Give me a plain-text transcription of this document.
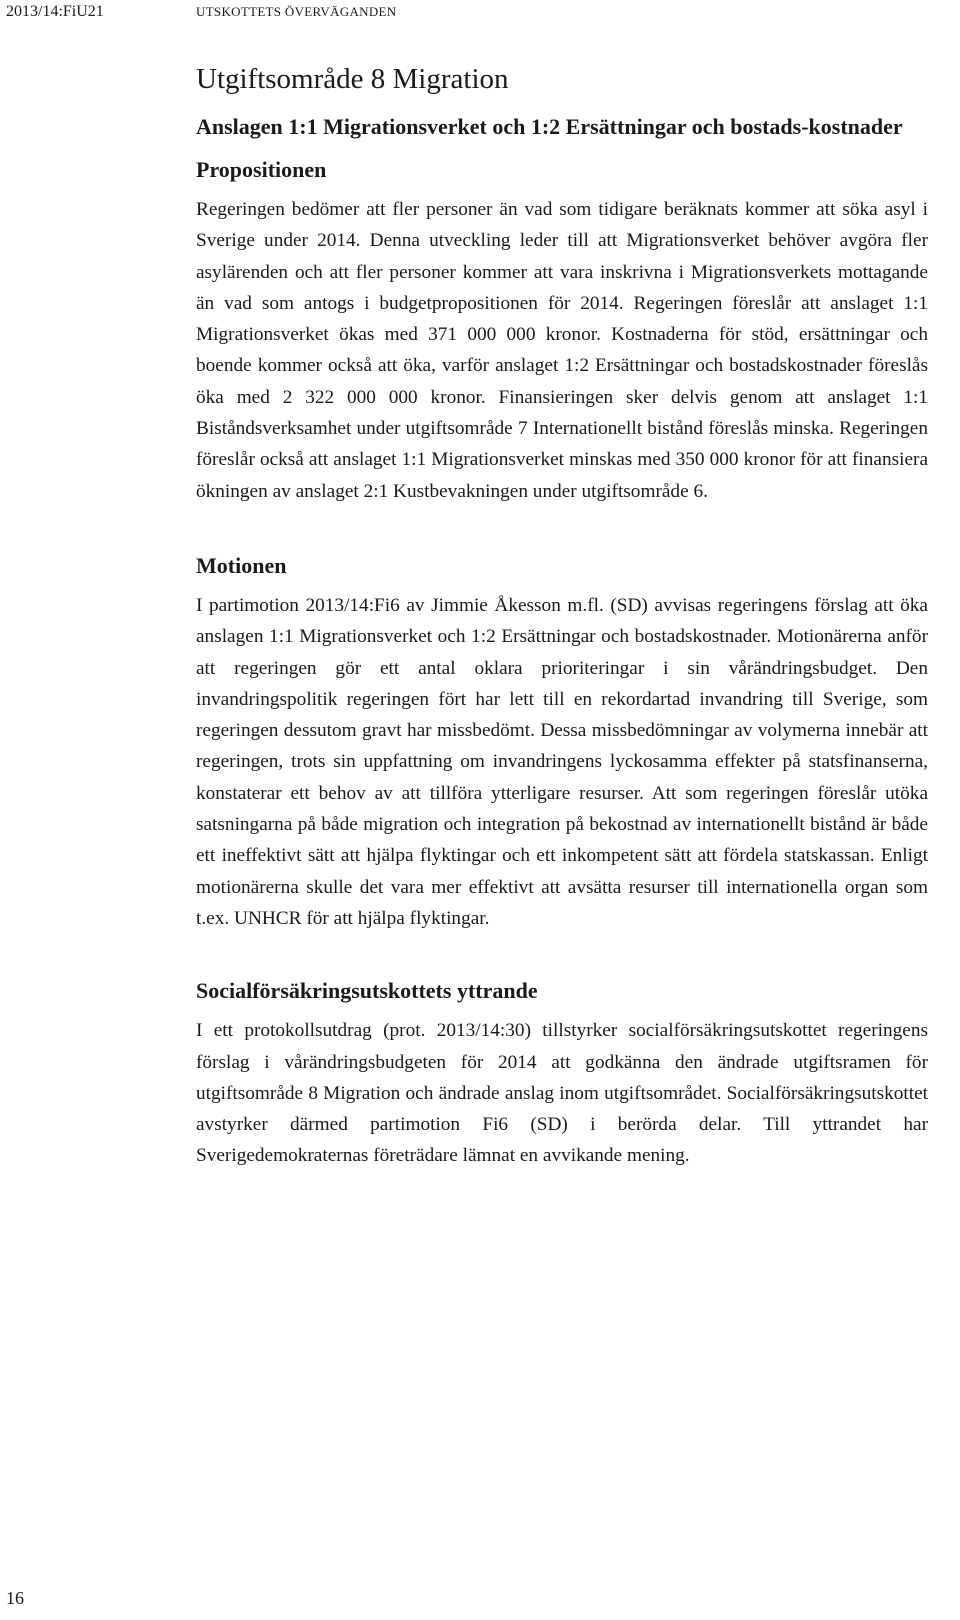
2013/14:FiU21	UTSKOTTETS ÖVERVÄGANDEN
Utgiftsområde 8 Migration
Anslagen 1:1 Migrationsverket och 1:2 Ersättningar och bostads-kostnader
Propositionen

Regeringen bedömer att fler personer än vad som tidigare beräknats kommer att söka asyl i Sverige under 2014. Denna utveckling leder till att Migrationsverket behöver avgöra fler asylärenden och att fler personer kommer att vara inskrivna i Migrationsverkets mottagande än vad som antogs i budgetpropositionen för 2014. Regeringen föreslår att anslaget 1:1 Migrationsverket ökas med 371 000 000 kronor. Kostnaderna för stöd, ersättningar och boende kommer också att öka, varför anslaget 1:2 Ersättningar och bostadskostnader föreslås öka med 2 322 000 000 kronor. Finansieringen sker delvis genom att anslaget 1:1 Biståndsverksamhet under utgiftsområde 7 Internationellt bistånd föreslås minska. Regeringen föreslår också att anslaget 1:1 Migrationsverket minskas med 350 000 kronor för att finansiera ökningen av anslaget 2:1 Kustbevakningen under utgiftsområde 6.

Motionen

I partimotion 2013/14:Fi6 av Jimmie Åkesson m.fl. (SD) avvisas regeringens förslag att öka anslagen 1:1 Migrationsverket och 1:2 Ersättningar och bostadskostnader. Motionärerna anför att regeringen gör ett antal oklara prioriteringar i sin vårändringsbudget. Den invandringspolitik regeringen fört har lett till en rekordartad invandring till Sverige, som regeringen dessutom gravt har missbedömt. Dessa missbedömningar av volymerna innebär att regeringen, trots sin uppfattning om invandringens lyckosamma effekter på statsfinanserna, konstaterar ett behov av att tillföra ytterligare resurser. Att som regeringen föreslår utöka satsningarna på både migration och integration på bekostnad av internationellt bistånd är både ett ineffektivt sätt att hjälpa flyktingar och ett inkompetent sätt att fördela statskassan. Enligt motionärerna skulle det vara mer effektivt att avsätta resurser till internationella organ som t.ex. UNHCR för att hjälpa flyktingar.

Socialförsäkringsutskottets yttrande

I ett protokollsutdrag (prot. 2013/14:30) tillstyrker socialförsäkringsutskottet regeringens förslag i vårändringsbudgeten för 2014 att godkänna den ändrade utgiftsramen för utgiftsområde 8 Migration och ändrade anslag inom utgiftsområdet. Socialförsäkringsutskottet avstyrker därmed partimotion Fi6 (SD) i berörda delar. Till yttrandet har Sverigedemokraternas företrädare lämnat en avvikande mening.

16
